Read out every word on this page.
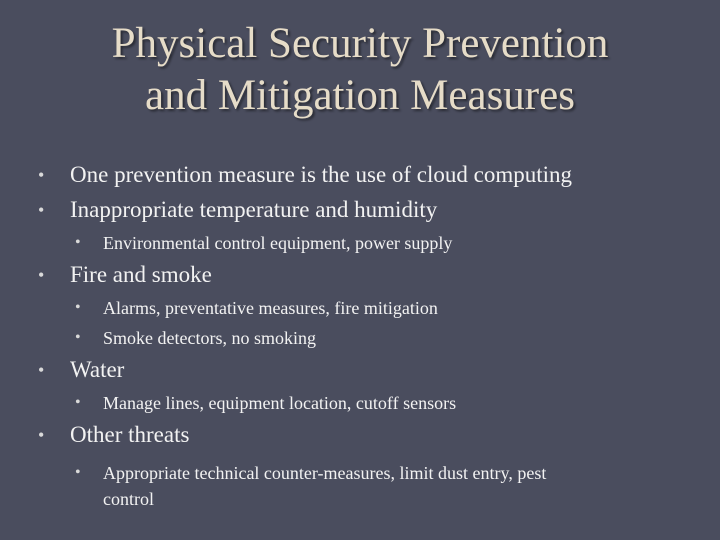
Physical Security Prevention
and Mitigation Measures
• One prevention measure is the use of cloud computing
• Inappropriate temperature and humidity
• Environmental control equipment, power supply
• Fire and smoke
• Alarms, preventative measures, fire mitigation
• Smoke detectors, no smoking
• Water
• Manage lines, equipment location, cutoff sensors
• Other threats
• Appropriate technical counter-measures, limit dust entry, pest
control
